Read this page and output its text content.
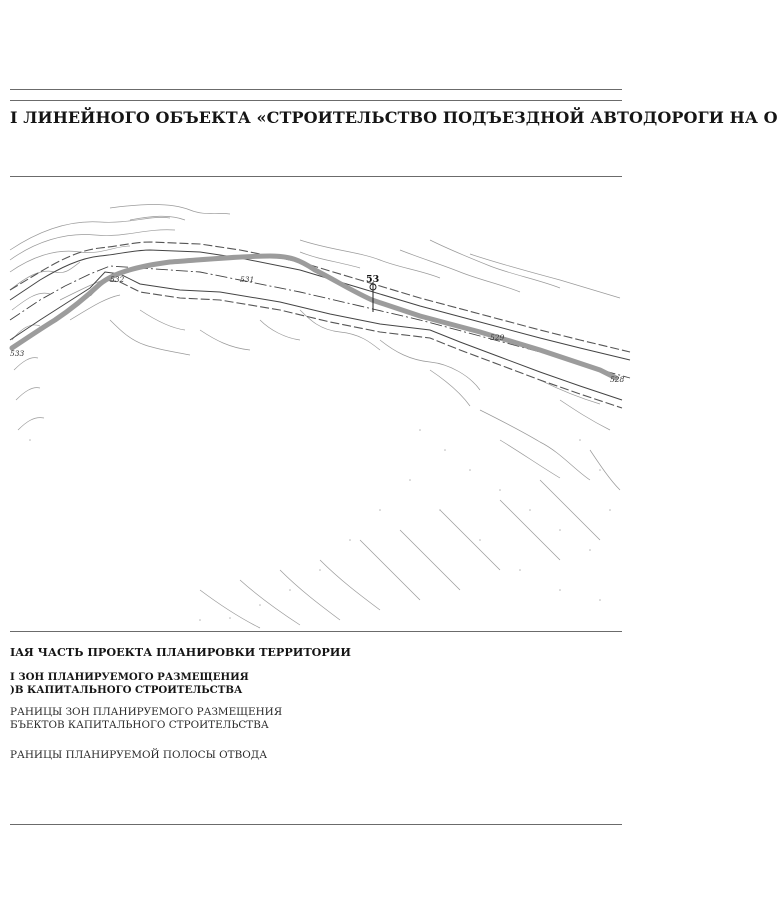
I ЛИНЕЙНОГО ОБЪЕКТА «СТРОИТЕЛЬСТВО ПОДЪЕЗДНОЙ АВТОДОРОГИ НА О
53
532	531
529
528
533
IAЯ ЧАСТЬ ПРОЕКТА ПЛАНИРОВКИ ТЕРРИТОРИИ
I ЗОН ПЛАНИРУЕМОГО РАЗМЕЩЕНИЯ
)В КАПИТАЛЬНОГО СТРОИТЕЛЬСТВА
РАНИЦЫ ЗОН ПЛАНИРУЕМОГО РАЗМЕЩЕНИЯ
БЪЕКТОВ КАПИТАЛЬНОГО СТРОИТЕЛЬСТВА
РАНИЦЫ ПЛАНИРУЕМОЙ ПОЛОСЫ ОТВОДА
